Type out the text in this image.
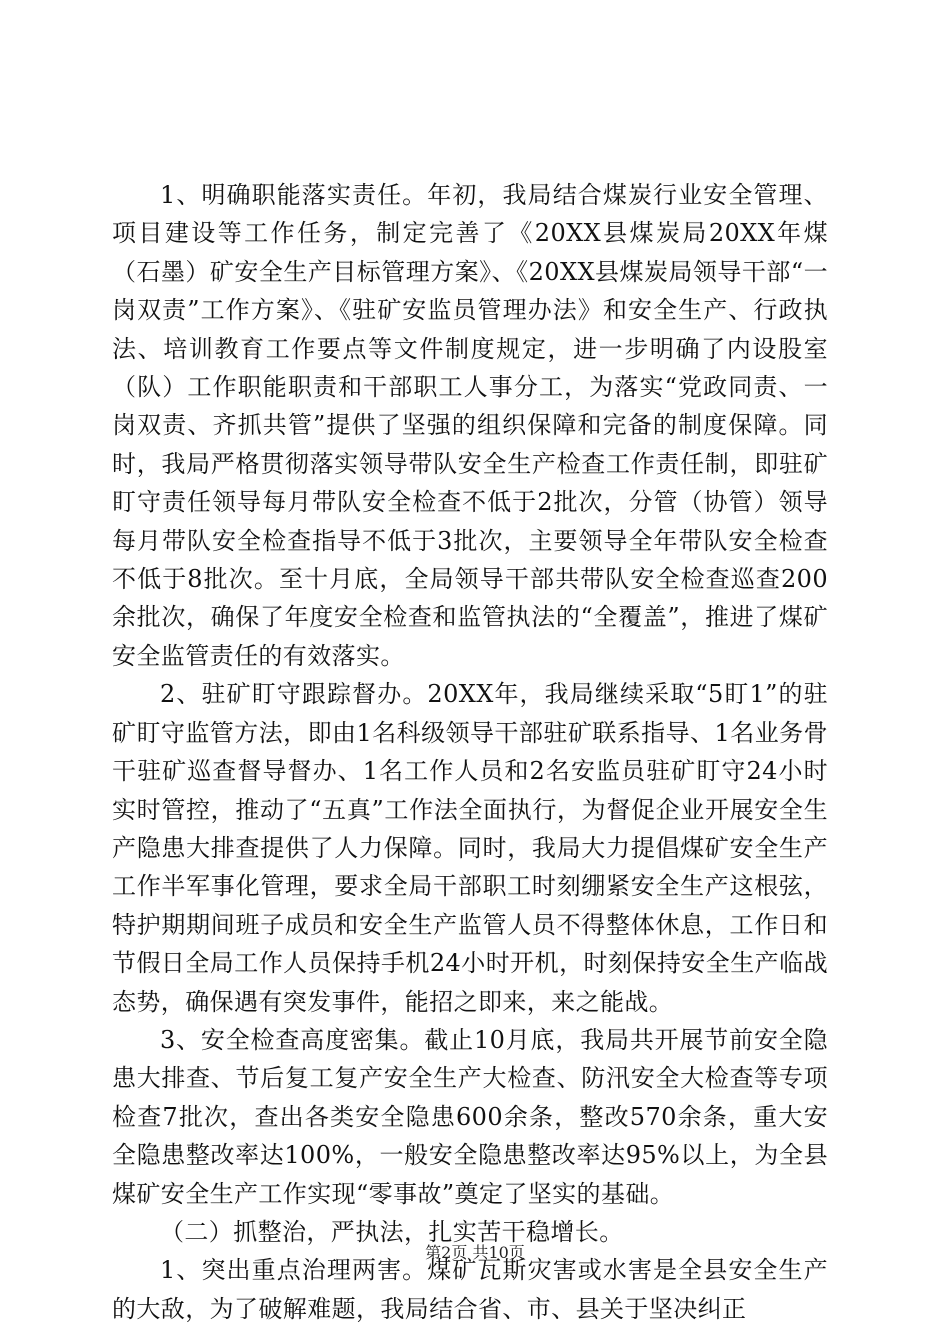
1、明确职能落实责任。年初，我局结合煤炭行业安全管理、项目建设等工作任务，制定完善了《20XX县煤炭局20XX年煤（石墨）矿安全生产目标管理方案》、《20XX县煤炭局领导干部“一岗双责”工作方案》、《驻矿安监员管理办法》和安全生产、行政执法、培训教育工作要点等文件制度规定，进一步明确了内设股室（队）工作职能职责和干部职工人事分工，为落实“党政同责、一岗双责、齐抓共管”提供了坚强的组织保障和完备的制度保障。同时，我局严格贯彻落实领导带队安全生产检查工作责任制，即驻矿盯守责任领导每月带队安全检查不低于2批次，分管（协管）领导每月带队安全检查指导不低于3批次，主要领导全年带队安全检查不低于8批次。至十月底，全局领导干部共带队安全检查巡查200余批次，确保了年度安全检查和监管执法的“全覆盖”，推进了煤矿安全监管责任的有效落实。

2、驻矿盯守跟踪督办。20XX年，我局继续采取“5盯1”的驻矿盯守监管方法，即由1名科级领导干部驻矿联系指导、1名业务骨干驻矿巡查督导督办、1名工作人员和2名安监员驻矿盯守24小时实时管控，推动了“五真”工作法全面执行，为督促企业开展安全生产隐患大排查提供了人力保障。同时，我局大力提倡煤矿安全生产工作半军事化管理，要求全局干部职工时刻绷紧安全生产这根弦，特护期期间班子成员和安全生产监管人员不得整体休息，工作日和节假日全局工作人员保持手机24小时开机，时刻保持安全生产临战态势，确保遇有突发事件，能招之即来，来之能战。

3、安全检查高度密集。截止10月底，我局共开展节前安全隐患大排查、节后复工复产安全生产大检查、防汛安全大检查等专项检查7批次，查出各类安全隐患600余条，整改570余条，重大安全隐患整改率达100%，一般安全隐患整改率达95%以上，为全县煤矿安全生产工作实现“零事故”奠定了坚实的基础。

（二）抓整治，严执法，扎实苦干稳增长。

1、突出重点治理两害。煤矿瓦斯灾害或水害是全县安全生产的大敌，为了破解难题，我局结合省、市、县关于坚决纠正

第2页 共10页
